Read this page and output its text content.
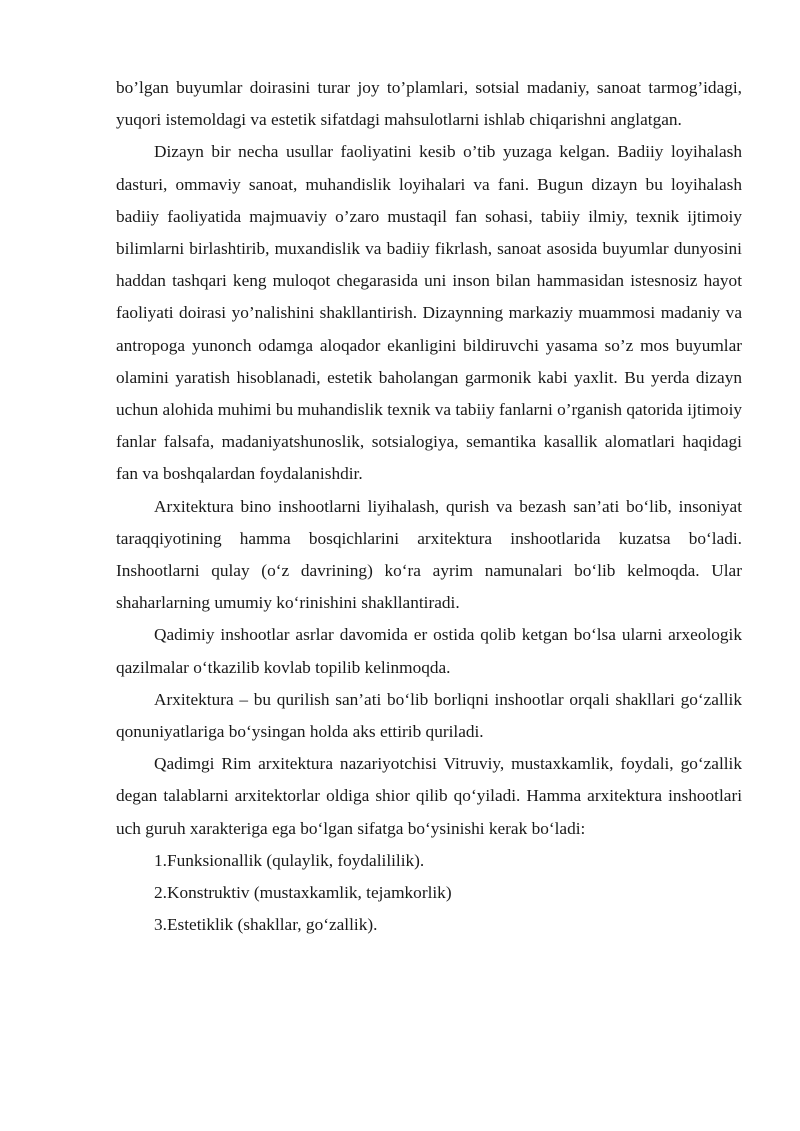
bo’lgan buyumlar doirasini turar joy to’plamlari, sotsial madaniy, sanoat tarmog’idagi, yuqori istemoldagi va estetik sifatdagi mahsulotlarni ishlab chiqarishni anglatgan.

Dizayn bir necha usullar faoliyatini kesib o’tib yuzaga kelgan. Badiiy loyihalash dasturi, ommaviy sanoat, muhandislik loyihalari va fani. Bugun dizayn bu loyihalash badiiy faoliyatida majmuaviy o’zaro mustaqil fan sohasi, tabiiy ilmiy, texnik ijtimoiy bilimlarni birlashtirib, muxandislik va badiiy fikrlash, sanoat asosida buyumlar dunyosini haddan tashqari keng muloqot chegarasida uni inson bilan hammasidan istesnosiz hayot faoliyati doirasi yo’nalishini shakllantirish. Dizaynning markaziy muammosi madaniy va antropoga yunonch odamga aloqador ekanligini bildiruvchi yasama so’z mos buyumlar olamini yaratish hisoblanadi, estetik baholangan garmonik kabi yaxlit. Bu yerda dizayn uchun alohida muhimi bu muhandislik texnik va tabiiy fanlarni o’rganish qatorida ijtimoiy fanlar falsafa, madaniyatshunoslik, sotsialogiya, semantika kasallik alomatlari haqidagi fan va boshqalardan foydalanishdir.

Arxitektura bino inshootlarni liyihalash, qurish va bezash san’ati bo‘lib, insoniyat taraqqiyotining hamma bosqichlarini arxitektura inshootlarida kuzatsa bo‘ladi. Inshootlarni qulay (o‘z davrining) ko‘ra ayrim namunalari bo‘lib kelmoqda. Ular shaharlarning umumiy ko‘rinishini shakllantiradi.

Qadimiy inshootlar asrlar davomida er ostida qolib ketgan bo‘lsa ularni arxeologik qazilmalar o‘tkazilib kovlab topilib kelinmoqda.

Arxitektura – bu qurilish san’ati bo‘lib borliqni inshootlar orqali shakllari go‘zallik qonuniyatlariga bo‘ysingan holda aks ettirib quriladi.

Qadimgi Rim arxitektura nazariyotchisi Vitruviy, mustaxkamlik, foydali, go‘zallik degan talablarni arxitektorlar oldiga shior qilib qo‘yiladi. Hamma arxitektura inshootlari uch guruh xarakteriga ega bo‘lgan sifatga bo‘ysinishi kerak bo‘ladi:

1.Funksionallik (qulaylik, foydalililik).

2.Konstruktiv (mustaxkamlik, tejamkorlik)

3.Estetiklik (shakllar, go‘zallik).
